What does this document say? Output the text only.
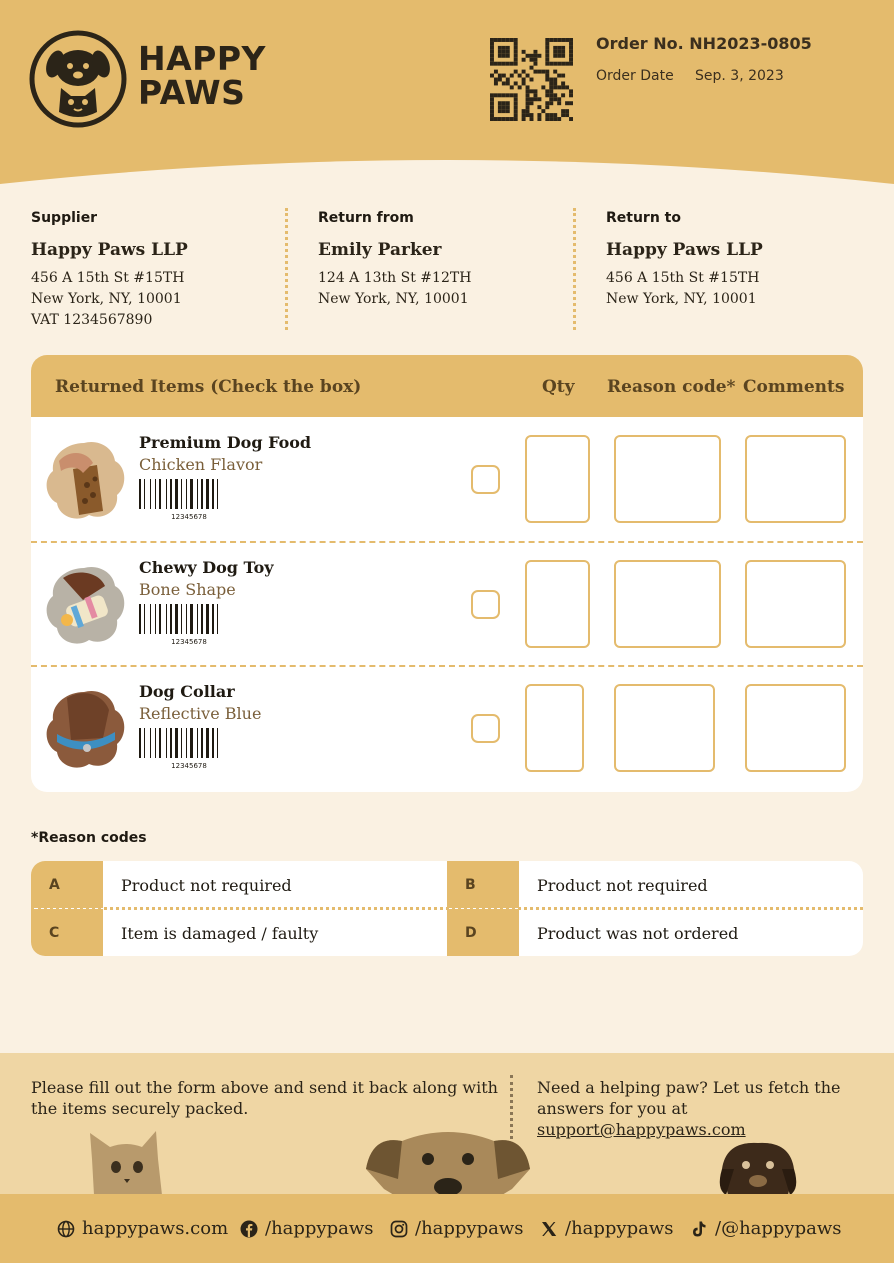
HAPPY
PAWS
Order No. NH2023-0805
Order Date Sep. 3, 2023
Supplier
Happy Paws LLP
456 A 15th St #15TH
New York, NY, 10001
VAT 1234567890
Return from
Emily Parker
124 A 13th St #12TH
New York, NY, 10001
Return to
Happy Paws LLP
456 A 15th St #15TH
New York, NY, 10001
Returned Items (Check the box)	Qty Reason code* Comments
Premium Dog Food
Chicken Flavor
12345678
Chewy Dog Toy
Bone Shape
12345678
Dog Collar
Reflective Blue
12345678
*Reason codes
A	Product not required	B	Product not required
C	Item is damaged / faulty	D	Product was not ordered
Please fill out the form above and send it back along with the items securely packed.
Need a helping paw? Let us fetch the answers for you at
support@happypaws.com
happypaws.com /happypaws /happypaws /happypaws /@happypaws
